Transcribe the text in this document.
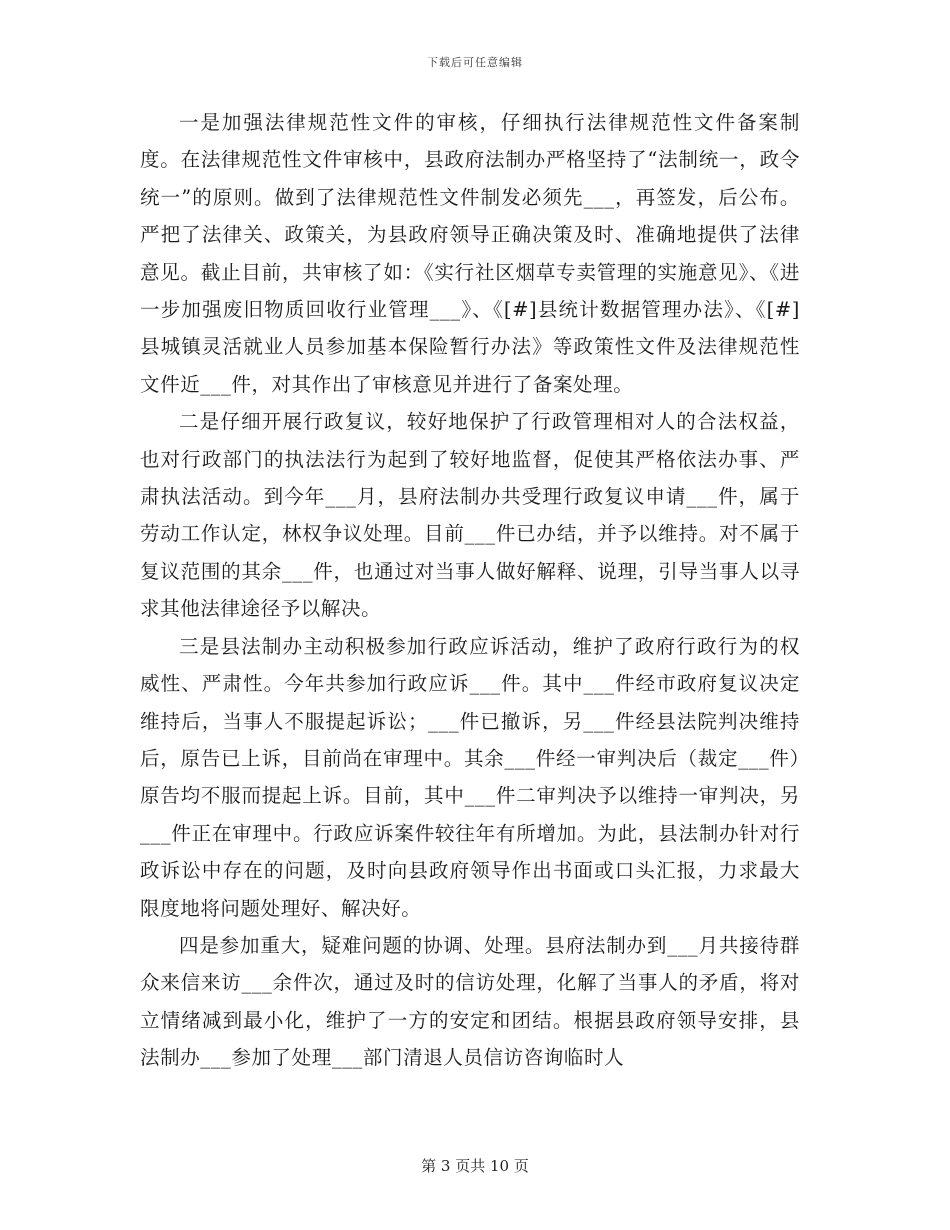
下载后可任意编辑

一是加强法律规范性文件的审核，仔细执行法律规范性文件备案制度。在法律规范性文件审核中，县政府法制办严格坚持了“法制统一，政令统一”的原则。做到了法律规范性文件制发必须先___，再签发，后公布。严把了法律关、政策关，为县政府领导正确决策及时、准确地提供了法律意见。截止目前，共审核了如：《实行社区烟草专卖管理的实施意见》、《进一步加强废旧物质回收行业管理___》、《[#]县统计数据管理办法》、《[#]县城镇灵活就业人员参加基本保险暂行办法》等政策性文件及法律规范性文件近___件，对其作出了审核意见并进行了备案处理。

二是仔细开展行政复议，较好地保护了行政管理相对人的合法权益，也对行政部门的执法法行为起到了较好地监督，促使其严格依法办事、严肃执法活动。到今年___月，县府法制办共受理行政复议申请___件，属于劳动工作认定，林权争议处理。目前___件已办结，并予以维持。对不属于复议范围的其余___件，也通过对当事人做好解释、说理，引导当事人以寻求其他法律途径予以解决。

三是县法制办主动积极参加行政应诉活动，维护了政府行政行为的权威性、严肃性。今年共参加行政应诉___件。其中___件经市政府复议决定维持后，当事人不服提起诉讼；___件已撤诉，另___件经县法院判决维持后，原告已上诉，目前尚在审理中。其余___件经一审判决后（裁定___件）原告均不服而提起上诉。目前，其中___件二审判决予以维持一审判决，另___件正在审理中。行政应诉案件较往年有所增加。为此，县法制办针对行政诉讼中存在的问题，及时向县政府领导作出书面或口头汇报，力求最大限度地将问题处理好、解决好。

四是参加重大，疑难问题的协调、处理。县府法制办到___月共接待群众来信来访___余件次，通过及时的信访处理，化解了当事人的矛盾，将对立情绪减到最小化，维护了一方的安定和团结。根据县政府领导安排，县法制办___参加了处理___部门清退人员信访咨询临时人

第 3 页共 10 页
